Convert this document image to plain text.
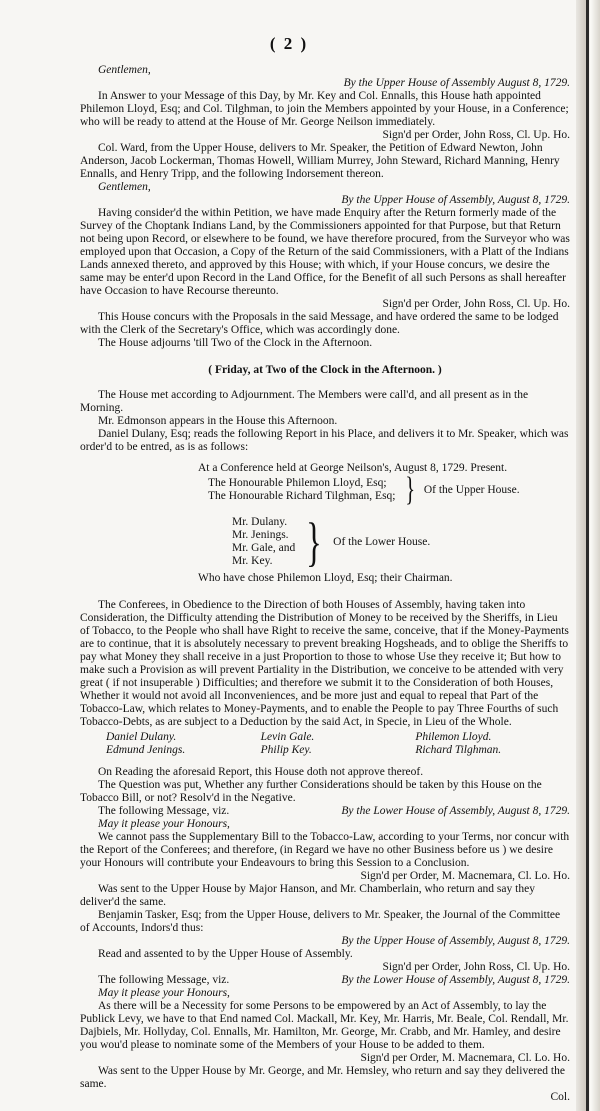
( 2 )

Gentlemen,

By the Upper House of Assembly August 8, 1729.

In Answer to your Message of this Day, by Mr. Key and Col. Ennalls, this House hath appointed Philemon Lloyd, Esq; and Col. Tilghman, to join the Members appointed by your House, in a Conference; who will be ready to attend at the House of Mr. George Neilson immediately.

Sign'd per Order, John Ross, Cl. Up. Ho.

Col. Ward, from the Upper House, delivers to Mr. Speaker, the Petition of Edward Newton, John Anderson, Jacob Lockerman, Thomas Howell, William Murrey, John Steward, Richard Manning, Henry Ennalls, and Henry Tripp, and the following Indorsement thereon.

Gentlemen,

By the Upper House of Assembly, August 8, 1729.

Having consider'd the within Petition, we have made Enquiry after the Return formerly made of the Survey of the Choptank Indians Land, by the Commissioners appointed for that Purpose, but that Return not being upon Record, or elsewhere to be found, we have therefore procured, from the Surveyor who was employed upon that Occasion, a Copy of the Return of the said Commissioners, with a Platt of the Indians Lands annexed thereto, and approved by this House; with which, if your House concurs, we desire the same may be enter'd upon Record in the Land Office, for the Benefit of all such Persons as shall hereafter have Occasion to have Recourse thereunto.

Sign'd per Order, John Ross, Cl. Up. Ho.

This House concurs with the Proposals in the said Message, and have ordered the same to be lodged with the Clerk of the Secretary's Office, which was accordingly done.

The House adjourns 'till Two of the Clock in the Afternoon.

( Friday, at Two of the Clock in the Afternoon. )

The House met according to Adjournment. The Members were call'd, and all present as in the Morning.

Mr. Edmonson appears in the House this Afternoon.

Daniel Dulany, Esq; reads the following Report in his Place, and delivers it to Mr. Speaker, which was order'd to be entred, as is as follows:

At a Conference held at George Neilson's, August 8, 1729. Present.

The Honourable Philemon Lloyd, Esq;

The Honourable Richard Tilghman, Esq; } Of the Upper House.

Mr. Dulany.

Mr. Jenings.

Mr. Gale, and

Mr. Key. } Of the Lower House.

Who have chose Philemon Lloyd, Esq; their Chairman.

The Conferees, in Obedience to the Direction of both Houses of Assembly, having taken into Consideration, the Difficulty attending the Distribution of Money to be received by the Sheriffs, in Lieu of Tobacco, to the People who shall have Right to receive the same, conceive, that if the Money-Payments are to continue, that it is absolutely necessary to prevent breaking Hogsheads, and to oblige the Sheriffs to pay what Money they shall receive in a just Proportion to those to whose Use they receive it; But how to make such a Provision as will prevent Partiality in the Distribution, we conceive to be attended with very great ( if not insuperable ) Difficulties; and therefore we submit it to the Consideration of both Houses, Whether it would not avoid all Inconveniences, and be more just and equal to repeal that Part of the Tobacco-Law, which relates to Money-Payments, and to enable the People to pay Three Fourths of such Tobacco-Debts, as are subject to a Deduction by the said Act, in Specie, in Lieu of the Whole.

Daniel Dulany.	Levin Gale.	Philemon Lloyd.
Edmund Jenings.	Philip Key.	Richard Tilghman.

On Reading the aforesaid Report, this House doth not approve thereof.

The Question was put, Whether any further Considerations should be taken by this House on the Tobacco Bill, or not? Resolv'd in the Negative.

The following Message, viz.	By the Lower House of Assembly, August 8, 1729.

May it please your Honours,

We cannot pass the Supplementary Bill to the Tobacco-Law, according to your Terms, nor concur with the Report of the Conferees; and therefore, (in Regard we have no other Business before us ) we desire your Honours will contribute your Endeavours to bring this Session to a Conclusion.

Sign'd per Order, M. Macnemara, Cl. Lo. Ho.

Was sent to the Upper House by Major Hanson, and Mr. Chamberlain, who return and say they deliver'd the same.

Benjamin Tasker, Esq; from the Upper House, delivers to Mr. Speaker, the Journal of the Committee of Accounts, Indors'd thus:

By the Upper House of Assembly, August 8, 1729.

Read and assented to by the Upper House of Assembly.

Sign'd per Order, John Ross, Cl. Up. Ho.

The following Message, viz.	By the Lower House of Assembly, August 8, 1729.

May it please your Honours,

As there will be a Necessity for some Persons to be empowered by an Act of Assembly, to lay the Publick Levy, we have to that End named Col. Mackall, Mr. Key, Mr. Harris, Mr. Beale, Col. Rendall, Mr. Dajbiels, Mr. Hollyday, Col. Ennalls, Mr. Hamilton, Mr. George, Mr. Crabb, and Mr. Hamley, and desire you wou'd please to nominate some of the Members of your House to be added to them.

Sign'd per Order, M. Macnemara, Cl. Lo. Ho.

Was sent to the Upper House by Mr. George, and Mr. Hemsley, who return and say they delivered the same.

Col.
